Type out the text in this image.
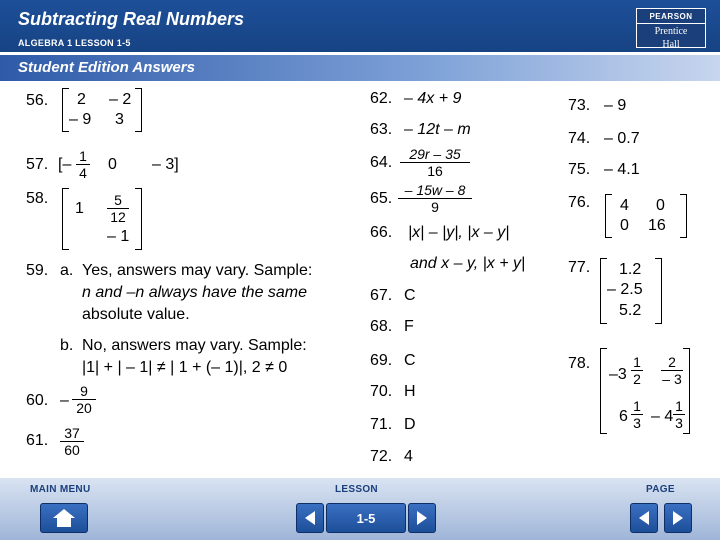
Subtracting Real Numbers
ALGEBRA 1 LESSON 1-5
PEARSON
Prentice
Hall
Student Edition Answers
56. 2 – 2
– 9 3
57. [– $\frac{1}{4} 0 - 3$]
58.
$1 \frac{5}{12}$
– 1
59. a. Yes, answers may vary. Sample:
n and –n always have the same
absolute value.
b. No, answers may vary. Sample:
|1| + | – 1| ≠ | 1 + (– 1)|, 2 ≠ 0
60. – $\frac{9}{20}$
61. $\frac{37}{60}$
62. – 4x + 9
63. – 12t – m
64. $\frac{29r - 35}{16}$
65. $\frac{- 15w - 8}{9}$
66. |x| – |y|, |x – y|
and x – y, |x + y|
67. C
68. F
69. C
70. H
71. D
72. 4
73. – 9
74. – 0.7
75. – 4.1
76. 4 0
0 16
77. 1.2
– 2.5
5.2
78.
$-3 \frac{1}{2} \frac{2}{- 3}$
$6 \frac{1}{3} - 4 \frac{1}{3}$
MAIN MENU	LESSON	PAGE
1-5
